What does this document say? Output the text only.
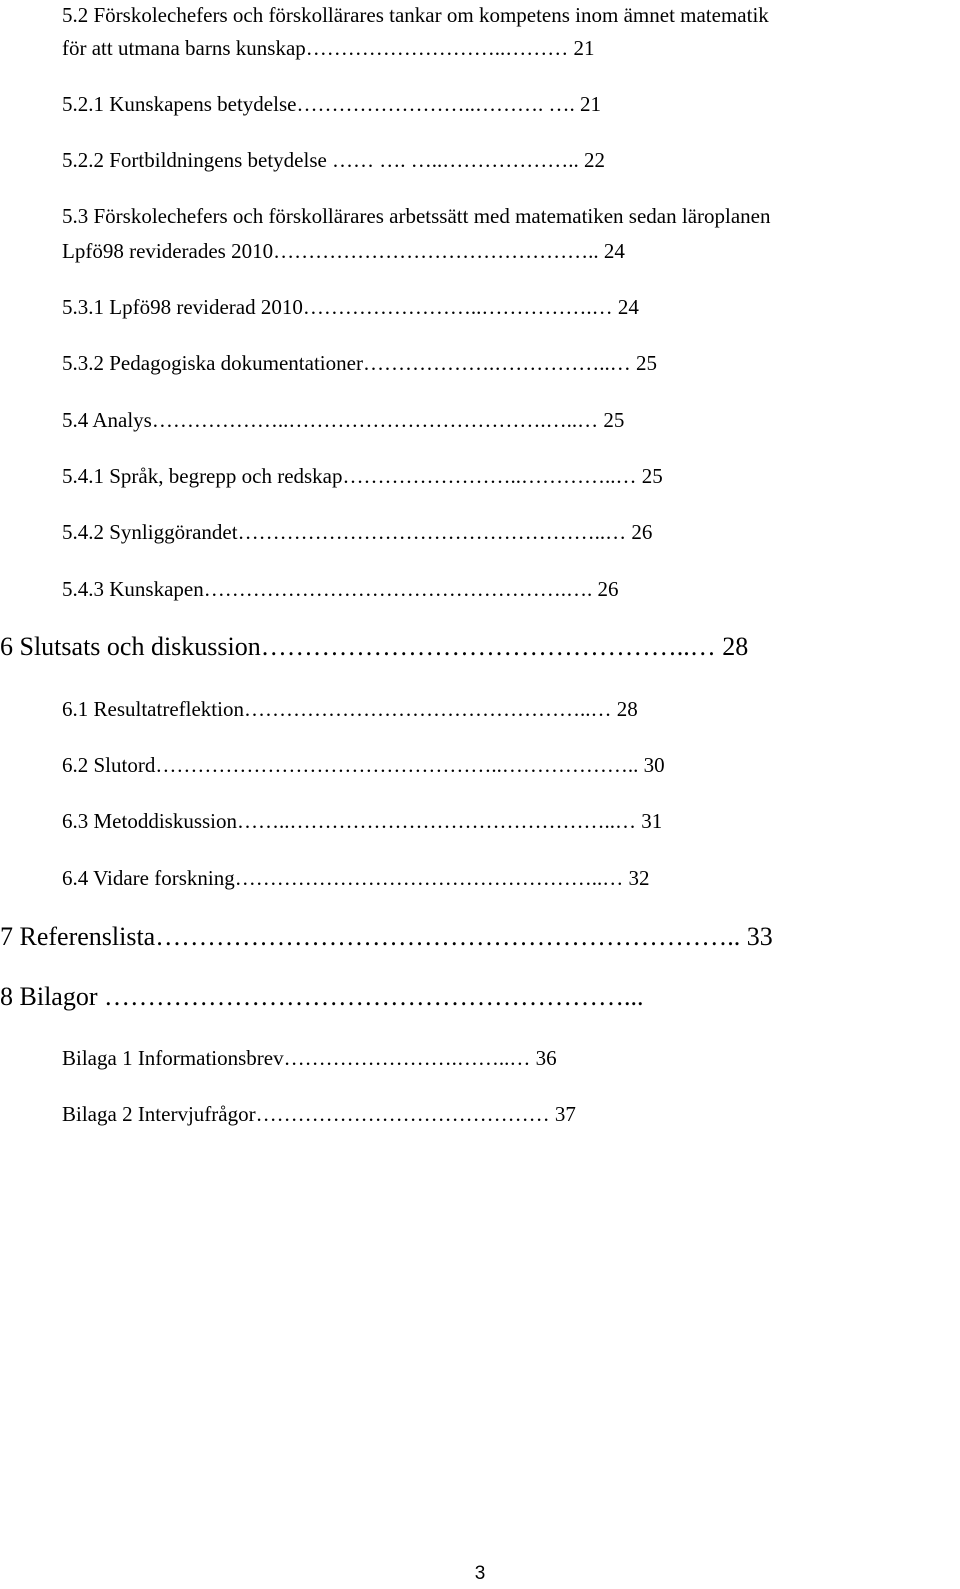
5.2 Förskolechefers och förskollärares tankar om kompetens inom ämnet matematik
för att utmana barns kunskap………………………..……… 21
5.2.1 Kunskapens betydelse……………………..………. …. 21
5.2.2 Fortbildningens betydelse …… …. …..……………….. 22
5.3 Förskolechefers och förskollärares arbetssätt med matematiken sedan läroplanen
Lpfö98 reviderades 2010……………………………………….. 24
5.3.1 Lpfö98 reviderad 2010……………………..…………….… 24
5.3.2 Pedagogiska dokumentationer……………….……………..… 25
5.4 Analys………………..……………………………….…..… 25
5.4.1 Språk, begrepp och redskap……………………..…………..… 25
5.4.2 Synliggörandet……………………………………………..… 26
5.4.3 Kunskapen…………………………………………….…. 26
6 Slutsats och diskussion…………………………………………..… 28
6.1 Resultatreflektion…………………………………………..… 28
6.2 Slutord…………………………………………..……………….. 30
6.3 Metoddiskussion……..………………………………………..… 31
6.4 Vidare forskning……………………………………………..… 32
7 Referenslista………………………………………………………….. 33
8 Bilagor ……………………………………………………...
Bilaga 1 Informationsbrev…………………….……..… 36
Bilaga 2 Intervjufrågor…………………………………… 37
3
